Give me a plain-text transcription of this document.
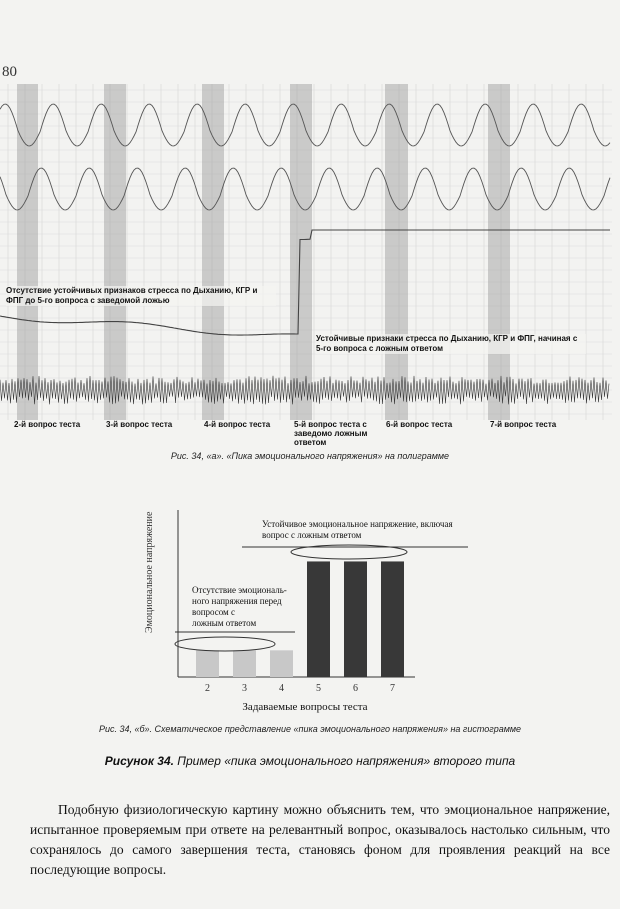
80
Отсутствие устойчивых признаков стресса по Дыханию, КГР и ФПГ до 5-го вопроса с заведомой ложью
Устойчивые признаки стресса по Дыханию, КГР и ФПГ, начиная с 5-го вопроса с ложным ответом
2-й вопрос теста	3-й вопрос теста	4-й вопрос теста	5-й вопрос теста с заведомо ложным ответом
6-й вопрос теста	7-й вопрос теста
Рис. 34, «а». «Пика эмоционального напряжения» на полиграмме
Эмоциональное напряжение
Задаваемые вопросы теста
2	3	4	5	6	7
Устойчивое эмоциональное напряжение, включая вопрос с ложным ответом
Отсутствие эмоциональ- ного напряжения перед вопросом с ложным ответом
Рис. 34, «б». Схематическое представление «пика эмоционального напряжения» на гистограмме
Рисунок 34. Пример «пика эмоционального напряжения» второго типа

Подобную физиологическую картину можно объяснить тем, что эмоциональное напряжение, испытанное проверяемым при ответе на релевантный вопрос, оказывалось настолько сильным, что сохранялось до самого завершения теста, становясь фоном для проявления реакций на все последующие вопросы.
